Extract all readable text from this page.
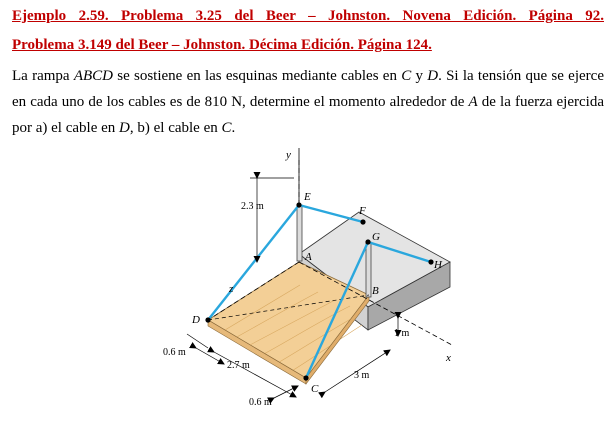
Ejemplo 2.59. Problema 3.25 del Beer – Johnston. Novena Edición. Página 92.
Problema 3.149 del Beer – Johnston. Décima Edición. Página 124.

La rampa ABCD se sostiene en las esquinas mediante cables en C y D. Si la tensión que se ejerce en cada uno de los cables es de 810 N, determine el momento alrededor de A de la fuerza ejercida por a) el cable en D, b) el cable en C.

y
z
x
E
F
G
H
A
B
D
C
2.3 m
0.6 m
2.7 m
0.6 m
3 m
1 m
